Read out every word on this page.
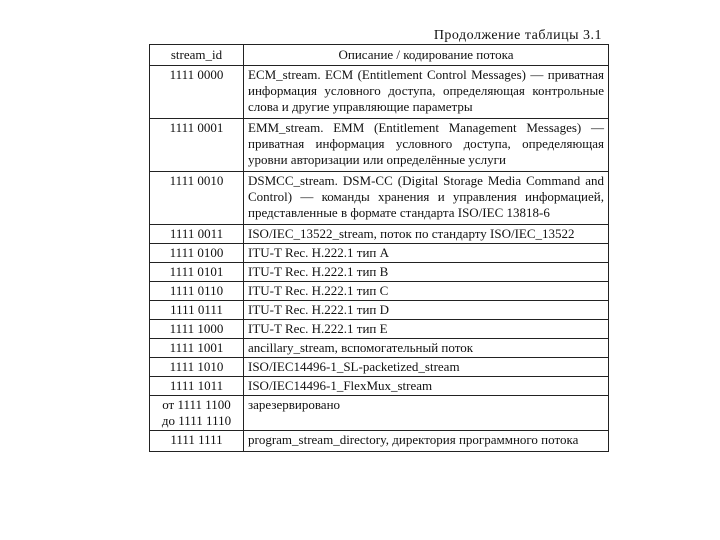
Продолжение таблицы 3.1
stream_id	Описание / кодирование потока
1111 0000	ECM_stream. ECM (Entitlement Control Messages) — приватная информация условного доступа, определяющая контрольные слова и другие управляющие параметры
1111 0001	EMM_stream. EMM (Entitlement Management Messages) — приватная информация условного доступа, определяющая уровни авторизации или определённые услуги
1111 0010	DSMCC_stream. DSM-CC (Digital Storage Media Command and Control) — команды хранения и управления информацией, представленные в формате стандарта ISO/IEC 13818-6
1111 0011	ISO/IEC_13522_stream, поток по стандарту ISO/IEC_13522
1111 0100	ITU-T Rec. H.222.1 тип A
1111 0101	ITU-T Rec. H.222.1 тип B
1111 0110	ITU-T Rec. H.222.1 тип C
1111 0111	ITU-T Rec. H.222.1 тип D
1111 1000	ITU-T Rec. H.222.1 тип E
1111 1001	ancillary_stream, вспомогательный поток
1111 1010	ISO/IEC14496-1_SL-packetized_stream
1111 1011	ISO/IEC14496-1_FlexMux_stream

от 1111 1100
до 1111 1110	зарезервировано
1111 1111	program_stream_directory, директория программного потока
